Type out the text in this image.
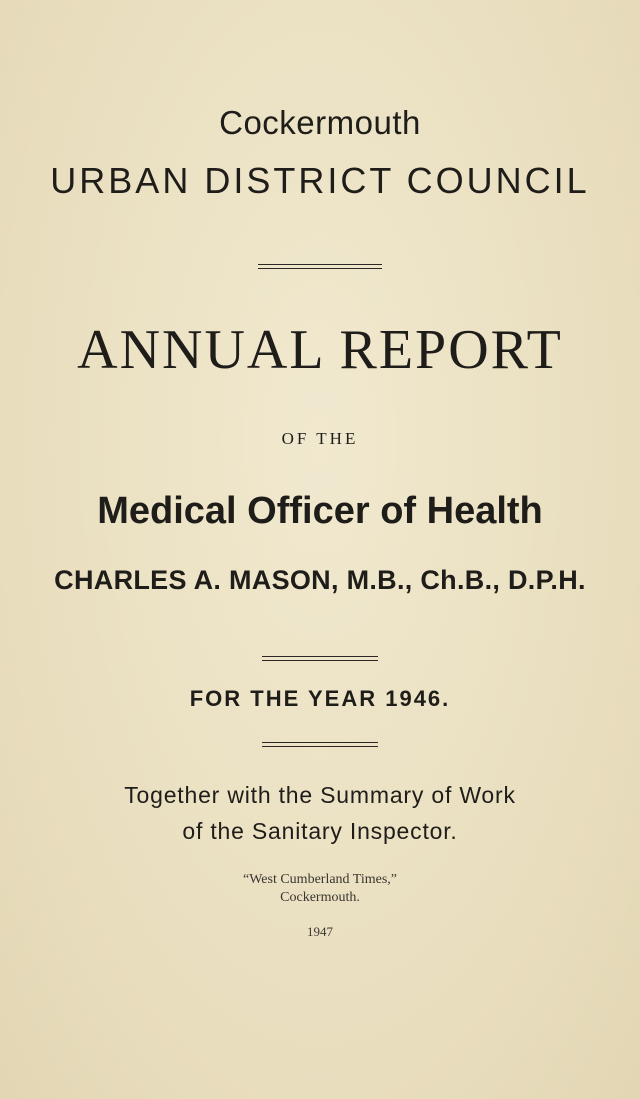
Cockermouth
URBAN DISTRICT COUNCIL
ANNUAL REPORT
OF THE
Medical Officer of Health
CHARLES A. MASON, M.B., Ch.B., D.P.H.
FOR THE YEAR 1946.
Together with the Summary of Work
of the Sanitary Inspector.
“West Cumberland Times,”
Cockermouth.
1947
